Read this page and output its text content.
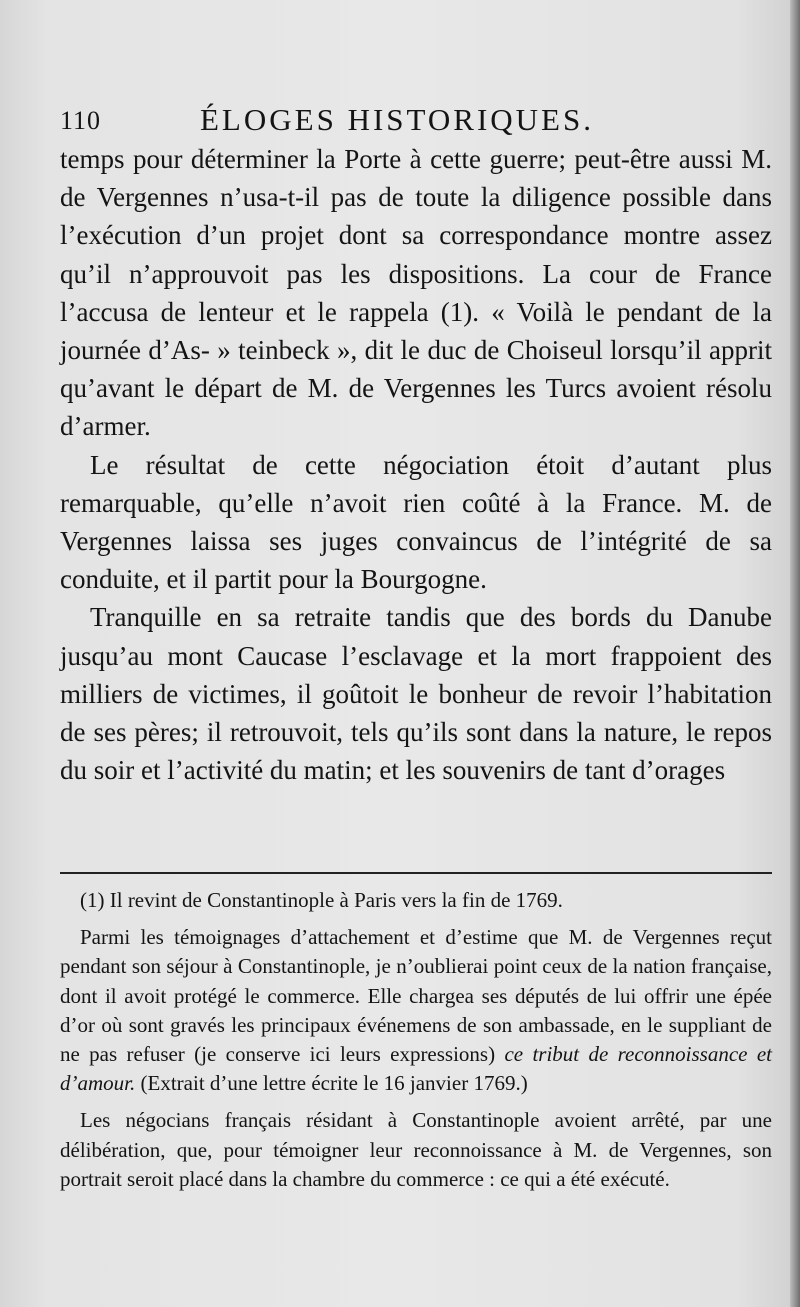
110	ÉLOGES HISTORIQUES.

temps pour déterminer la Porte à cette guerre; peut-être aussi M. de Vergennes n’usa-t-il pas de toute la diligence possible dans l’exécution d’un projet dont sa correspondance montre assez qu’il n’approuvoit pas les dispositions. La cour de France l’accusa de lenteur et le rappela (1). « Voilà le pendant de la journée d’As- » teinbeck », dit le duc de Choiseul lorsqu’il apprit qu’avant le départ de M. de Vergennes les Turcs avoient résolu d’armer.

Le résultat de cette négociation étoit d’autant plus remarquable, qu’elle n’avoit rien coûté à la France. M. de Vergennes laissa ses juges convaincus de l’intégrité de sa conduite, et il partit pour la Bourgogne.

Tranquille en sa retraite tandis que des bords du Danube jusqu’au mont Caucase l’esclavage et la mort frappoient des milliers de victimes, il goûtoit le bonheur de revoir l’habitation de ses pères; il retrouvoit, tels qu’ils sont dans la nature, le repos du soir et l’activité du matin; et les souvenirs de tant d’orages

(1) Il revint de Constantinople à Paris vers la fin de 1769.

Parmi les témoignages d’attachement et d’estime que M. de Vergennes reçut pendant son séjour à Constantinople, je n’oublierai point ceux de la nation française, dont il avoit protégé le commerce. Elle chargea ses députés de lui offrir une épée d’or où sont gravés les principaux événemens de son ambassade, en le suppliant de ne pas refuser (je conserve ici leurs expressions) ce tribut de reconnoissance et d’amour. (Extrait d’une lettre écrite le 16 janvier 1769.)

Les négocians français résidant à Constantinople avoient arrêté, par une délibération, que, pour témoigner leur reconnoissance à M. de Vergennes, son portrait seroit placé dans la chambre du commerce : ce qui a été exécuté.
